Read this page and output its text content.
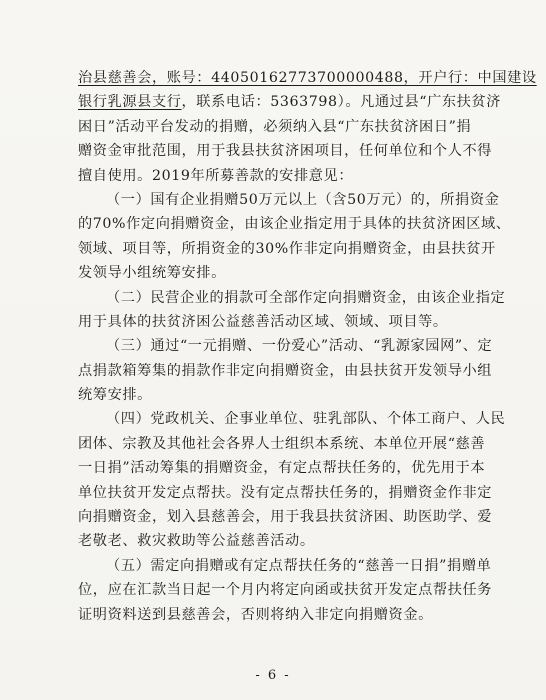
治县慈善会，账号：44050162773700000488，开户行：中国建设
银行乳源县支行，联系电话：5363798）。凡通过县“广东扶贫济
困日”活动平台发动的捐赠，必须纳入县“广东扶贫济困日”捐
赠资金审批范围，用于我县扶贫济困项目，任何单位和个人不得
擅自使用。2019年所募善款的安排意见：
（一）国有企业捐赠50万元以上（含50万元）的，所捐资金
的70%作定向捐赠资金，由该企业指定用于具体的扶贫济困区域、
领域、项目等，所捐资金的30%作非定向捐赠资金，由县扶贫开
发领导小组统筹安排。
（二）民营企业的捐款可全部作定向捐赠资金，由该企业指定
用于具体的扶贫济困公益慈善活动区域、领域、项目等。
（三）通过“一元捐赠、一份爱心”活动、“乳源家园网”、定
点捐款箱筹集的捐款作非定向捐赠资金，由县扶贫开发领导小组
统筹安排。
（四）党政机关、企事业单位、驻乳部队、个体工商户、人民
团体、宗教及其他社会各界人士组织本系统、本单位开展“慈善
一日捐”活动筹集的捐赠资金，有定点帮扶任务的，优先用于本
单位扶贫开发定点帮扶。没有定点帮扶任务的，捐赠资金作非定
向捐赠资金，划入县慈善会，用于我县扶贫济困、助医助学、爱
老敬老、救灾救助等公益慈善活动。
（五）需定向捐赠或有定点帮扶任务的“慈善一日捐”捐赠单
位，应在汇款当日起一个月内将定向函或扶贫开发定点帮扶任务
证明资料送到县慈善会，否则将纳入非定向捐赠资金。
- 6 -
